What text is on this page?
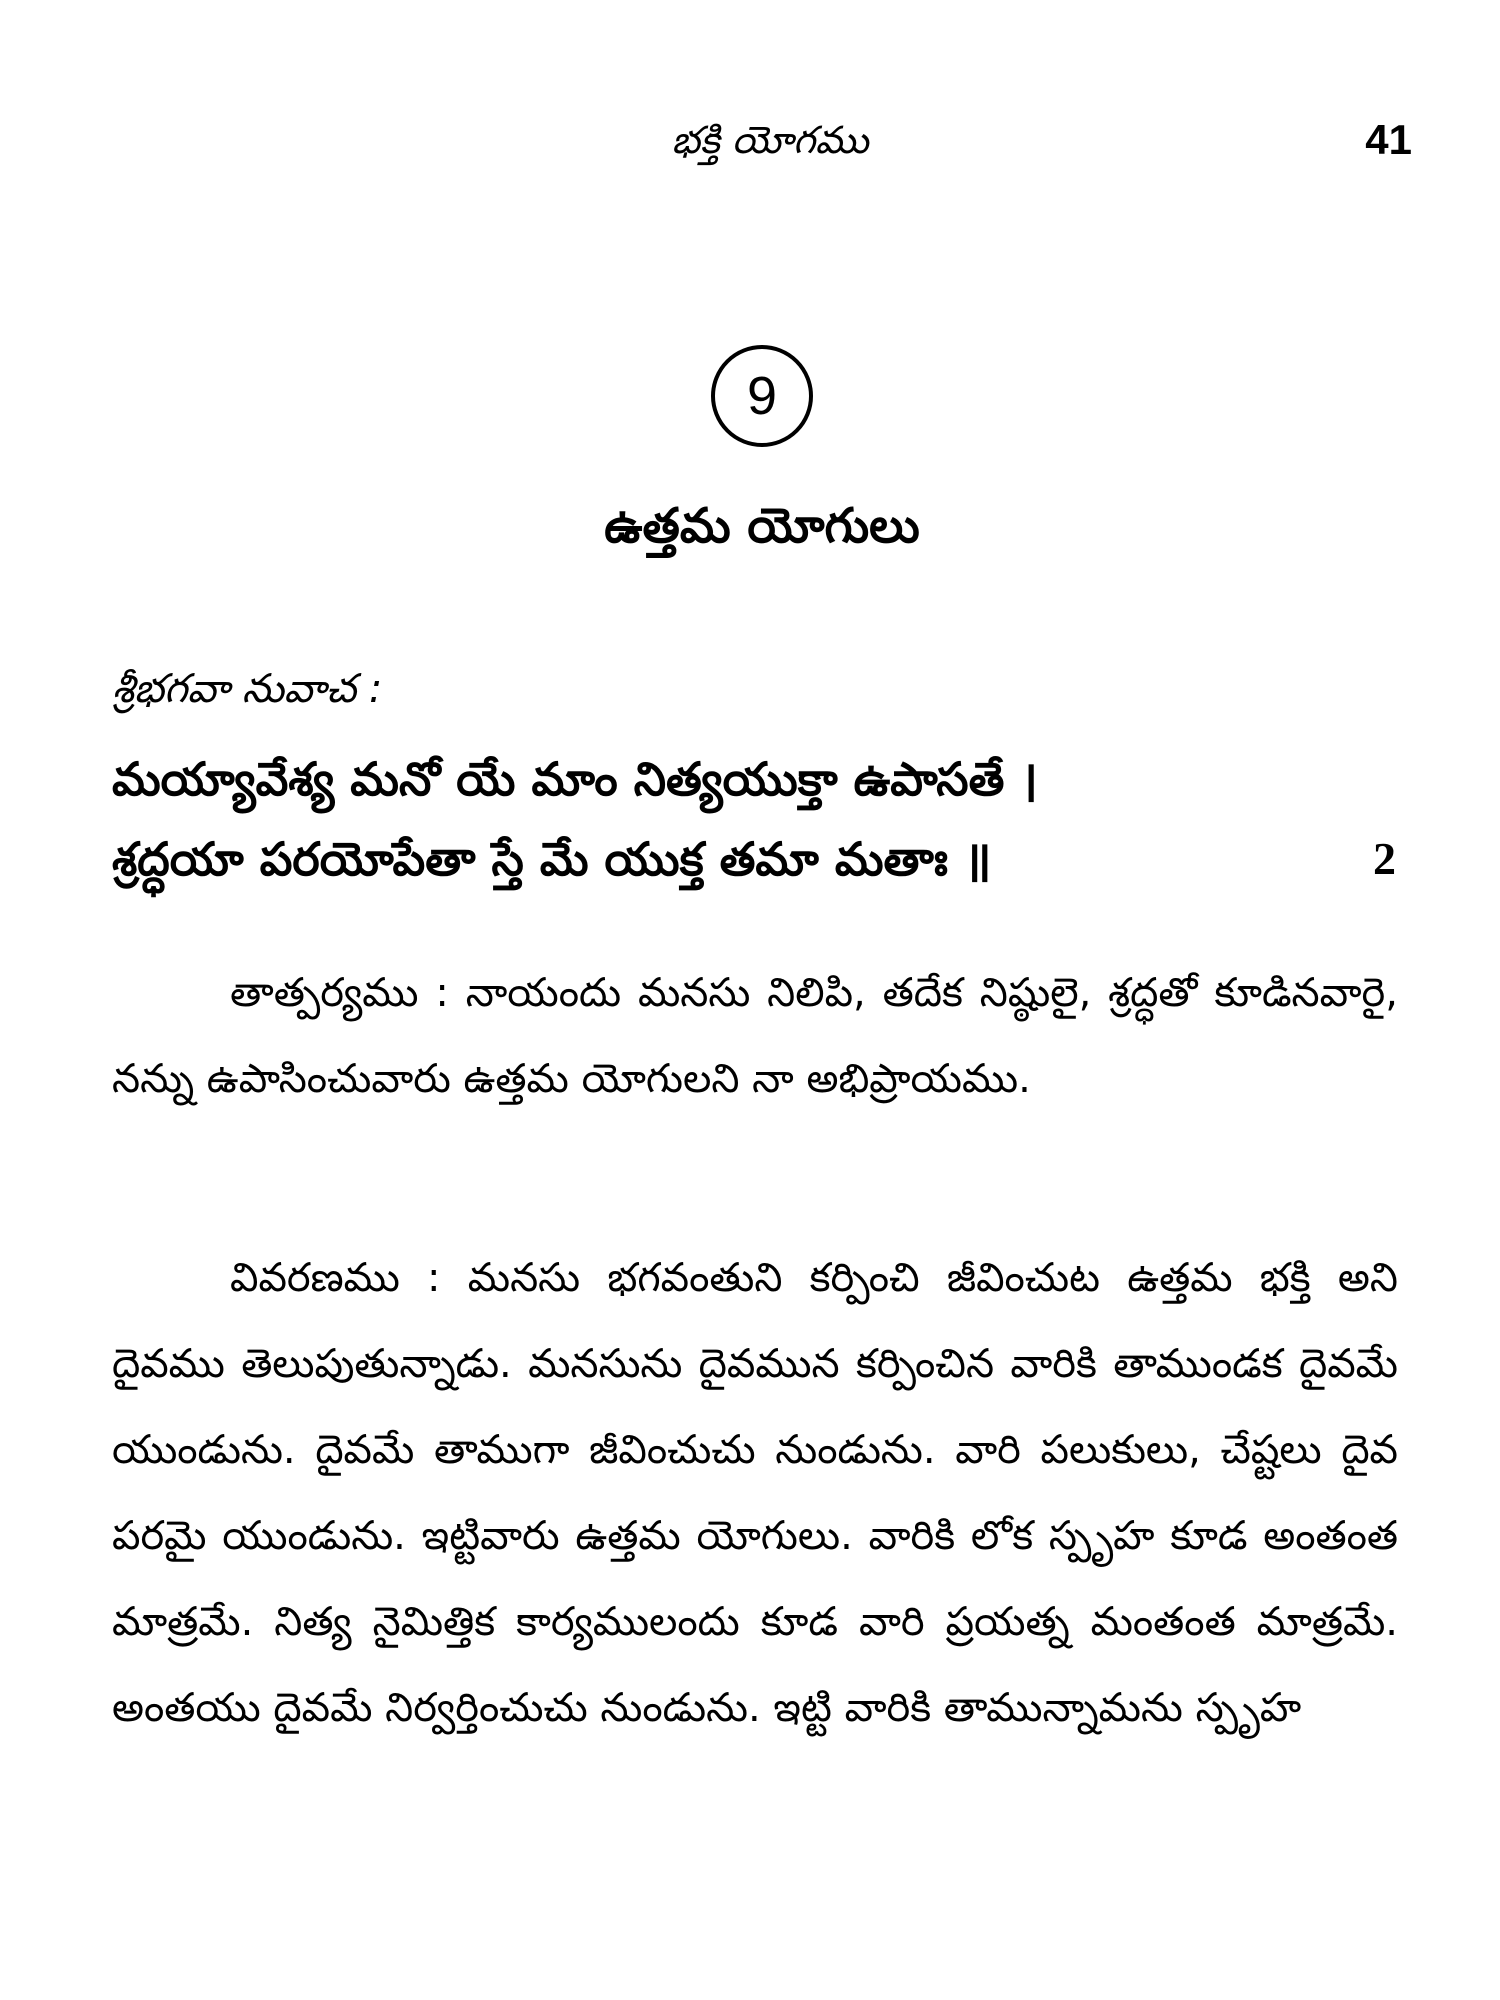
భక్తి యోగము	41
9
ఉత్తమ యోగులు
శ్రీభగవా నువాచ :
మయ్యావేశ్య మనో యే మాం నిత్యయుక్తా ఉపాసతే ।
శ్రద్ధయా పరయోపేతా స్తే మే యుక్త తమా మతాః ॥	2

తాత్పర్యము : నాయందు మనసు నిలిపి, తదేక నిష్ఠులై, శ్రద్ధతో కూడినవారై, నన్ను ఉపాసించువారు ఉత్తమ యోగులని నా అభిప్రాయము.

వివరణము : మనసు భగవంతుని కర్పించి జీవించుట ఉత్తమ భక్తి అని దైవము తెలుపుతున్నాడు. మనసును దైవమున కర్పించిన వారికి తాముండక దైవమే యుండును. దైవమే తాముగా జీవించుచు నుండును. వారి పలుకులు, చేష్టలు దైవ పరమై యుండును. ఇట్టివారు ఉత్తమ యోగులు. వారికి లోక స్పృహ కూడ అంతంత మాత్రమే. నిత్య నైమిత్తిక కార్యములందు కూడ వారి ప్రయత్న మంతంత మాత్రమే. అంతయు దైవమే నిర్వర్తించుచు నుండును. ఇట్టి వారికి తామున్నామను స్పృహ
